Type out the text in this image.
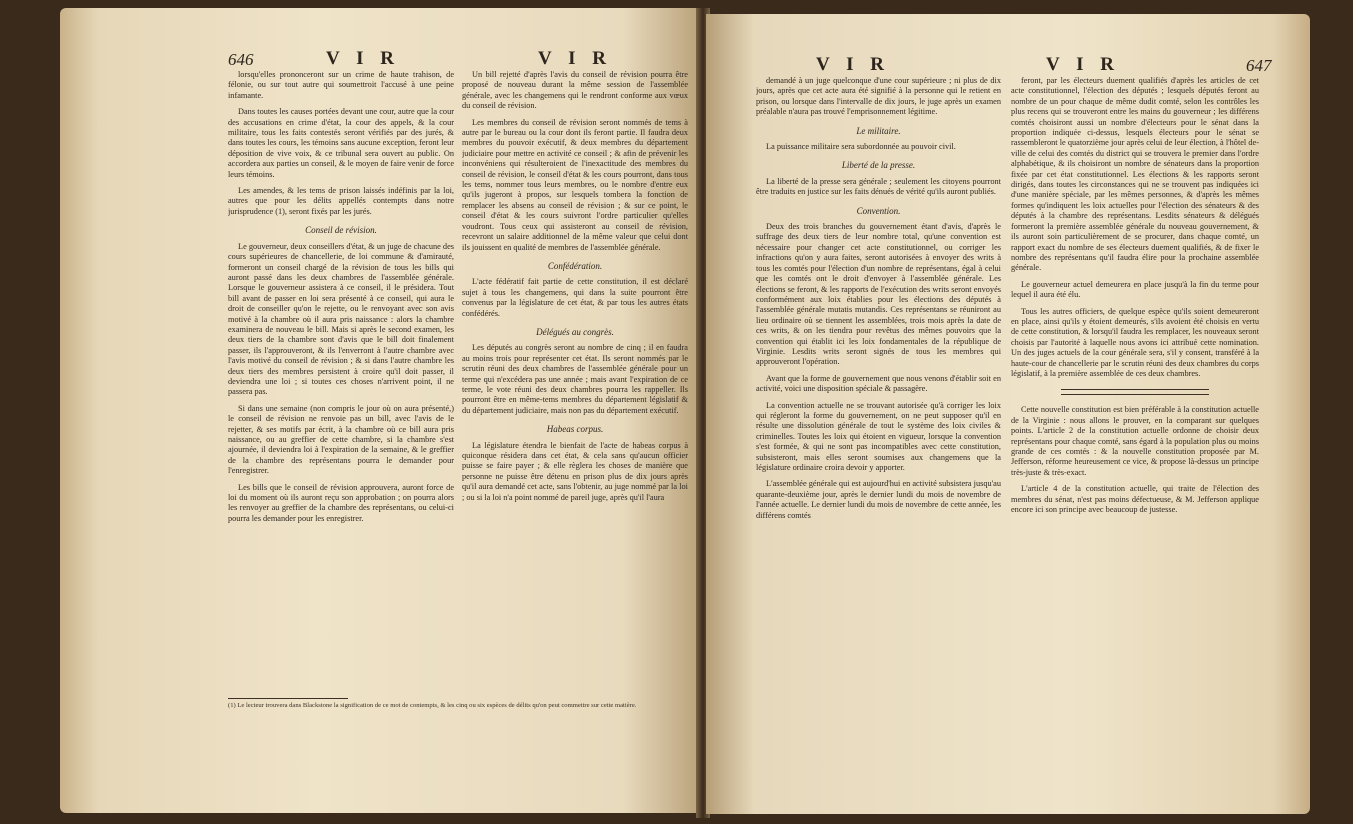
646	V I R	V I R

lorsqu'elles prononceront sur un crime de haute trahison, de félonie, ou sur tout autre qui soumettroit l'accusé à une peine infamante.

Dans toutes les causes portées devant une cour, autre que la cour des accusations en crime d'état, la cour des appels, & la cour militaire, tous les faits contestés seront vérifiés par des jurés, & dans toutes les cours, les témoins sans aucune exception, feront leur déposition de vive voix, & ce tribunal sera ouvert au public. On accordera aux parties un conseil, & le moyen de faire venir de force leurs témoins.

Les amendes, & les tems de prison laissés indéfinis par la loi, autres que pour les délits appellés contempts dans notre jurisprudence (1), seront fixés par les jurés.

Conseil de révision.

Le gouverneur, deux conseillers d'état, & un juge de chacune des cours supérieures de chancellerie, de loi commune & d'amirauté, formeront un conseil chargé de la révision de tous les bills qui auront passé dans les deux chambres de l'assemblée générale. Lorsque le gouverneur assistera à ce conseil, il le présidera. Tout bill avant de passer en loi sera présenté à ce conseil, qui aura le droit de conseiller qu'on le rejette, ou le renvoyant avec son avis motivé à la chambre où il aura pris naissance : alors la chambre examinera de nouveau le bill. Mais si après le second examen, les deux tiers de la chambre sont d'avis que le bill doit finalement passer, ils l'approuveront, & ils l'enverront à l'autre chambre avec l'avis motivé du conseil de révision ; & si dans l'autre chambre les deux tiers des membres persistent à croire qu'il doit passer, il deviendra une loi ; si toutes ces choses n'arrivent point, il ne passera pas.

Si dans une semaine (non compris le jour où on aura présenté,) le conseil de révision ne renvoie pas un bill, avec l'avis de le rejetter, & ses motifs par écrit, à la chambre où ce bill aura pris naissance, ou au greffier de cette chambre, si la chambre s'est ajournée, il deviendra loi à l'expiration de la semaine, & le greffier de la chambre des représentans pourra le demander pour l'enregistrer.

Les bills que le conseil de révision approuvera, auront force de loi du moment où ils auront reçu son approbation ; on pourra alors les renvoyer au greffier de la chambre des représentans, ou celui-ci pourra les demander pour les enregistrer.

Un bill rejetté d'après l'avis du conseil de révision pourra être proposé de nouveau durant la même session de l'assemblée générale, avec les changemens qui le rendront conforme aux vœux du conseil de révision.

Les membres du conseil de révision seront nommés de tems à autre par le bureau ou la cour dont ils feront partie. Il faudra deux membres du pouvoir exécutif, & deux membres du département judiciaire pour mettre en activité ce conseil ; & afin de prévenir les inconvéniens qui résulteroient de l'inexactitude des membres du conseil de révision, le conseil d'état & les cours pourront, dans tous les tems, nommer tous leurs membres, ou le nombre d'entre eux qu'ils jugeront à propos, sur lesquels tombera la fonction de remplacer les absens au conseil de révision ; & sur ce point, le conseil d'état & les cours suivront l'ordre particulier qu'elles voudront. Tous ceux qui assisteront au conseil de révision, recevront un salaire additionnel de la même valeur que celui dont ils jouissent en qualité de membres de l'assemblée générale.

Confédération.

L'acte fédératif fait partie de cette constitution, il est déclaré sujet à tous les changemens, qui dans la suite pourront être convenus par la législature de cet état, & par tous les autres états confédérés.

Délégués au congrès.

Les députés au congrès seront au nombre de cinq ; il en faudra au moins trois pour représenter cet état. Ils seront nommés par le scrutin réuni des deux chambres de l'assemblée générale pour un terme qui n'excédera pas une année ; mais avant l'expiration de ce terme, le vote réuni des deux chambres pourra les rappeller. Ils pourront être en même-tems membres du département législatif & du département judiciaire, mais non pas du département exécutif.

Habeas corpus.

La législature étendra le bienfait de l'acte de habeas corpus à quiconque résidera dans cet état, & cela sans qu'aucun officier puisse se faire payer ; & elle règlera les choses de manière que personne ne puisse être détenu en prison plus de dix jours après qu'il aura demandé cet acte, sans l'obtenir, au juge nommé par la loi ; ou si la loi n'a point nommé de pareil juge, après qu'il l'aura

(1) Le lecteur trouvera dans Blackstone la signification de ce mot de contempts, & les cinq ou six espèces de délits qu'on peut commettre sur cette matière.
V I R	V I R	647

demandé à un juge quelconque d'une cour supérieure ; ni plus de dix jours, après que cet acte aura été signifié à la personne qui le retient en prison, ou lorsque dans l'intervalle de dix jours, le juge après un examen préalable n'aura pas trouvé l'emprisonnement légitime.

Le militaire.

La puissance militaire sera subordonnée au pouvoir civil.

Liberté de la presse.

La liberté de la presse sera générale ; seulement les citoyens pourront être traduits en justice sur les faits dénués de vérité qu'ils auront publiés.

Convention.

Deux des trois branches du gouvernement étant d'avis, d'après le suffrage des deux tiers de leur nombre total, qu'une convention est nécessaire pour changer cet acte constitutionnel, ou corriger les infractions qu'on y aura faites, seront autorisées à envoyer des writs à tous les comtés pour l'élection d'un nombre de représentans, égal à celui que les comtés ont le droit d'envoyer à l'assemblée générale. Les élections se feront, & les rapports de l'exécution des writs seront envoyés conformément aux loix établies pour les élections des députés à l'assemblée générale mutatis mutandis. Ces représentans se réuniront au lieu ordinaire où se tiennent les assemblées, trois mois après la date de ces writs, & on les tiendra pour revêtus des mêmes pouvoirs que la convention qui établit ici les loix fondamentales de la république de Virginie. Lesdits writs seront signés de tous les membres qui approuveront l'opération.

Avant que la forme de gouvernement que nous venons d'établir soit en activité, voici une disposition spéciale & passagère.

La convention actuelle ne se trouvant autorisée qu'à corriger les loix qui régleront la forme du gouvernement, on ne peut supposer qu'il en résulte une dissolution générale de tout le système des loix civiles & criminelles. Toutes les loix qui étoient en vigueur, lorsque la convention s'est formée, & qui ne sont pas incompatibles avec cette constitution, subsisteront, mais elles seront soumises aux changemens que la législature ordinaire croira devoir y apporter.

L'assemblée générale qui est aujourd'hui en activité subsistera jusqu'au quarante-deuxième jour, après le dernier lundi du mois de novembre de l'année actuelle. Le dernier lundi du mois de novembre de cette année, les différens comtés

feront, par les électeurs duement qualifiés d'après les articles de cet acte constitutionnel, l'élection des députés ; lesquels députés feront au nombre de un pour chaque de même dudit comté, selon les contrôles les plus recens qui se trouveront entre les mains du gouverneur ; les différens comtés choisiront aussi un nombre d'électeurs pour le sénat dans la proportion indiquée ci-dessus, lesquels électeurs pour le sénat se rassembleront le quatorzième jour après celui de leur élection, à l'hôtel de-ville de celui des comtés du district qui se trouvera le premier dans l'ordre alphabétique, & ils choisiront un nombre de sénateurs dans la proportion fixée par cet état constitutionnel. Les élections & les rapports seront dirigés, dans toutes les circonstances qui ne se trouvent pas indiquées ici d'une manière spéciale, par les mêmes personnes, & d'après les mêmes formes qu'indiquent les loix actuelles pour l'élection des sénateurs & des députés à la chambre des représentans. Lesdits sénateurs & délégués formeront la première assemblée générale du nouveau gouvernement, & ils auront soin particulièrement de se procurer, dans chaque comté, un rapport exact du nombre de ses électeurs duement qualifiés, & de fixer le nombre des représentans qu'il faudra élire pour la prochaine assemblée générale.

Le gouverneur actuel demeurera en place jusqu'à la fin du terme pour lequel il aura été élu.

Tous les autres officiers, de quelque espèce qu'ils soient demeureront en place, ainsi qu'ils y étoient demeurés, s'ils avoient été choisis en vertu de cette constitution, & lorsqu'il faudra les remplacer, les nouveaux seront choisis par l'autorité à laquelle nous avons ici attribué cette nomination. Un des juges actuels de la cour générale sera, s'il y consent, transféré à la haute-cour de chancellerie par le scrutin réuni des deux chambres du corps législatif, à la première assemblée de ces deux chambres.

Cette nouvelle constitution est bien préférable à la constitution actuelle de la Virginie : nous allons le prouver, en la comparant sur quelques points. L'article 2 de la constitution actuelle ordonne de choisir deux représentans pour chaque comté, sans égard à la population plus ou moins grande de ces comtés : & la nouvelle constitution proposée par M. Jefferson, réforme heureusement ce vice, & propose là-dessus un principe très-juste & très-exact.

L'article 4 de la constitution actuelle, qui traite de l'élection des membres du sénat, n'est pas moins défectueuse, & M. Jefferson applique encore ici son principe avec beaucoup de justesse.
